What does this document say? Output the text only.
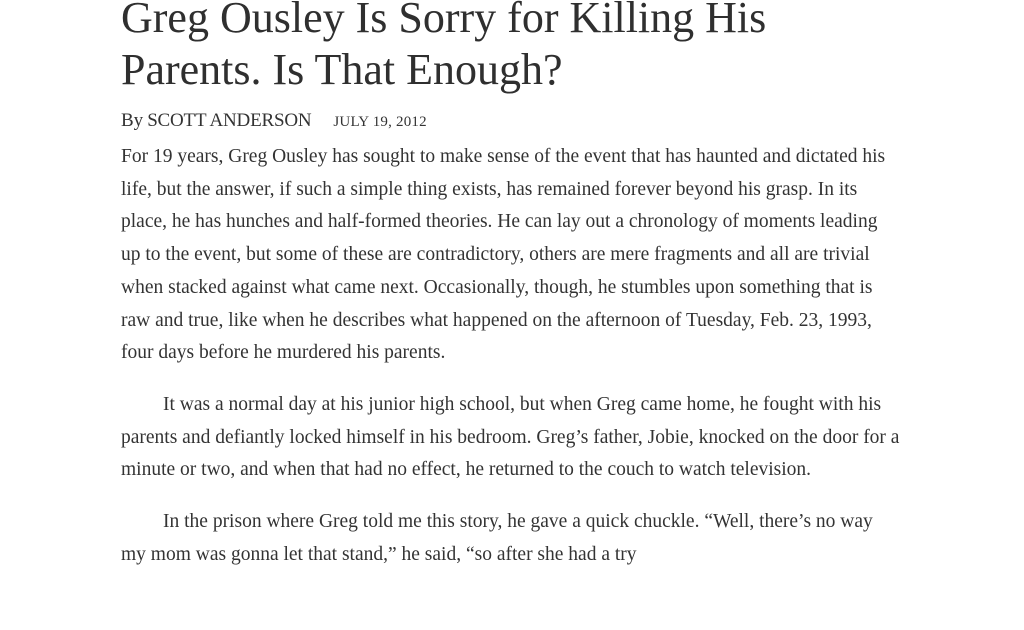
Greg Ousley Is Sorry for Killing His Parents. Is That Enough?
By SCOTT ANDERSON JULY 19, 2012

For 19 years, Greg Ousley has sought to make sense of the event that has haunted and dictated his life, but the answer, if such a simple thing exists, has remained forever beyond his grasp. In its place, he has hunches and half-formed theories. He can lay out a chronology of moments leading up to the event, but some of these are contradictory, others are mere fragments and all are trivial when stacked against what came next. Occasionally, though, he stumbles upon something that is raw and true, like when he describes what happened on the afternoon of Tuesday, Feb. 23, 1993, four days before he murdered his parents.

It was a normal day at his junior high school, but when Greg came home, he fought with his parents and defiantly locked himself in his bedroom. Greg’s father, Jobie, knocked on the door for a minute or two, and when that had no effect, he returned to the couch to watch television.

In the prison where Greg told me this story, he gave a quick chuckle. “Well, there’s no way my mom was gonna let that stand,” he said, “so after she had a try
